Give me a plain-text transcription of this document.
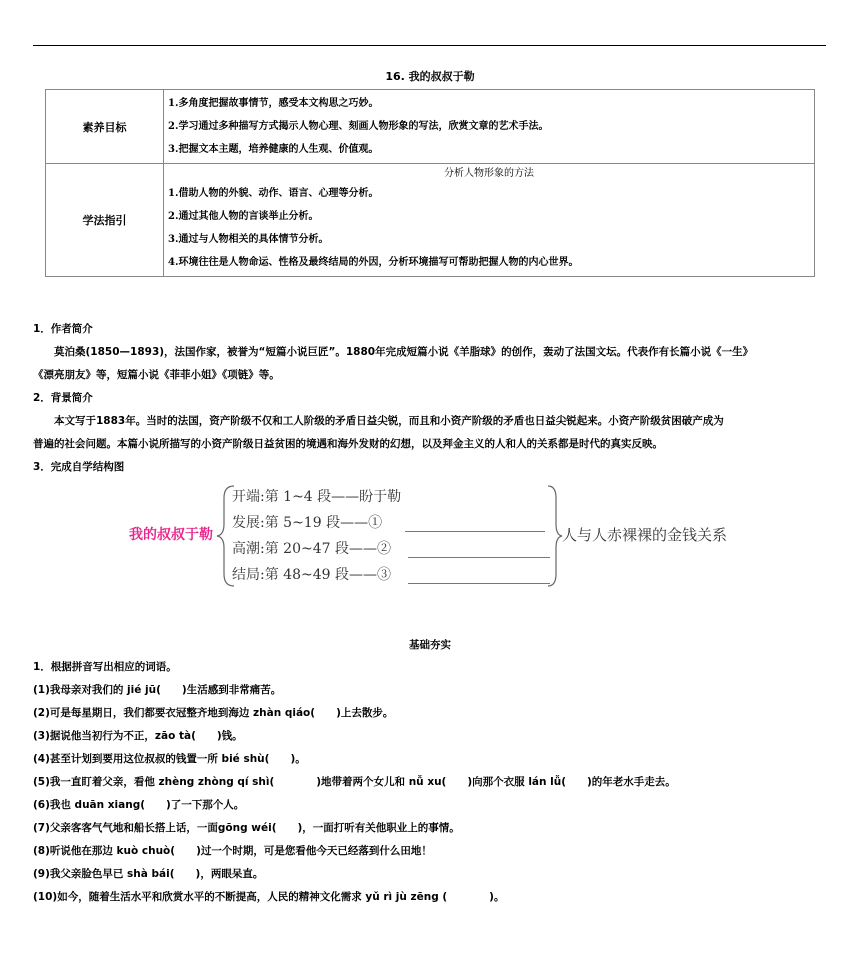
16. 我的叔叔于勒
素养目标	1.多角度把握故事情节，感受本文构思之巧妙。
2.学习通过多种描写方式揭示人物心理、刻画人物形象的写法，欣赏文章的艺术手法。
3.把握文本主题，培养健康的人生观、价值观。

学法指引	分析人物形象的方法
1.借助人物的外貌、动作、语言、心理等分析。
2.通过其他人物的言谈举止分析。
3.通过与人物相关的具体情节分析。
4.环境往往是人物命运、性格及最终结局的外因，分析环境描写可帮助把握人物的内心世界。
1．作者简介
莫泊桑(1850—1893)，法国作家，被誉为“短篇小说巨匠”。1880年完成短篇小说《羊脂球》的创作，轰动了法国文坛。代表作有长篇小说《一生》
《漂亮朋友》等，短篇小说《菲菲小姐》《项链》等。
2．背景简介
本文写于1883年。当时的法国，资产阶级不仅和工人阶级的矛盾日益尖锐，而且和小资产阶级的矛盾也日益尖锐起来。小资产阶级贫困破产成为
普遍的社会问题。本篇小说所描写的小资产阶级日益贫困的境遇和海外发财的幻想，以及拜金主义的人和人的关系都是时代的真实反映。
3．完成自学结构图
我的叔叔于勒
开端:第 1~4 段——盼于勒
发展:第 5~19 段——①
高潮:第 20~47 段——②
结局:第 48~49 段——③
人与人赤裸裸的金钱关系
基础夯实
1．根据拼音写出相应的词语。
(1)我母亲对我们的 jié jū(　　)生活感到非常痛苦。
(2)可是每星期日，我们都要衣冠整齐地到海边 zhàn qiáo(　　)上去散步。
(3)据说他当初行为不正，zāo tà(　　)钱。
(4)甚至计划到要用这位叔叔的钱置一所 bié shù(　　)。
(5)我一直盯着父亲，看他 zhèng zhòng qí shì(　　　　)地带着两个女儿和 nǚ xu(　　)向那个衣服 lán lǚ(　　)的年老水手走去。
(6)我也 duān xiang(　　)了一下那个人。
(7)父亲客客气气地和船长搭上话，一面gōng wéi(　　)，一面打听有关他职业上的事情。
(8)听说他在那边 kuò chuò(　　)过一个时期，可是您看他今天已经落到什么田地！
(9)我父亲脸色早已 shà bái(　　)，两眼呆直。
(10)如今，随着生活水平和欣赏水平的不断提高，人民的精神文化需求 yǔ rì jù zēng (　　　　)。
